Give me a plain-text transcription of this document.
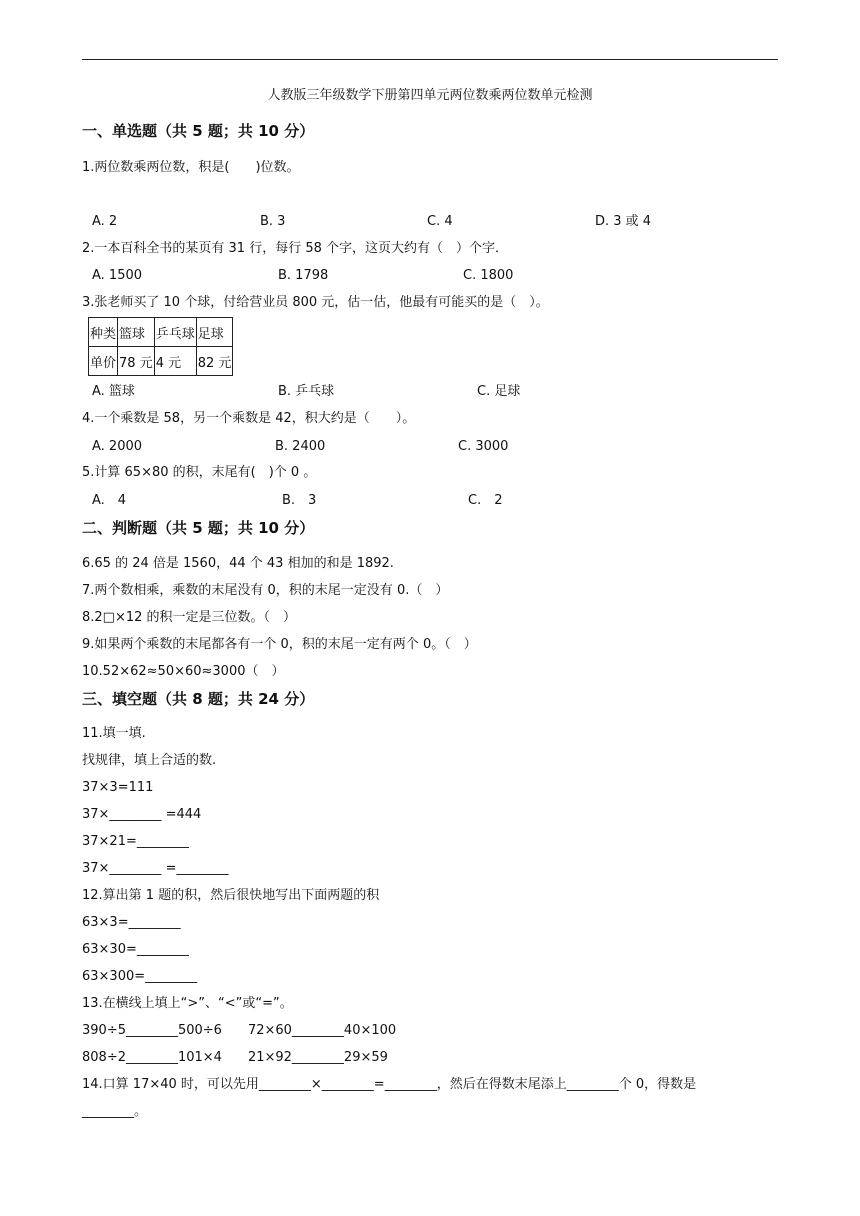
人教版三年级数学下册第四单元两位数乘两位数单元检测
一、单选题（共 5 题；共 10 分）
1.两位数乘两位数，积是(　　)位数。
A. 2	B. 3	C. 4	D. 3 或 4
2.一本百科全书的某页有 31 行，每行 58 个字，这页大约有（　）个字．
A. 1500	B. 1798	C. 1800
3.张老师买了 10 个球，付给营业员 800 元，估一估，他最有可能买的是（　）。
种类	篮球	乒乓球	足球
单价	78 元	4 元	82 元
A. 篮球	B. 乒乓球	C. 足球
4.一个乘数是 58，另一个乘数是 42，积大约是（　　）。
A. 2000	B. 2400	C. 3000
5.计算 65×80 的积，末尾有(　)个 0 。
A.　4	B.　3	C.　2
二、判断题（共 5 题；共 10 分）
6.65 的 24 倍是 1560，44 个 43 相加的和是 1892.
7.两个数相乘，乘数的末尾没有 0，积的末尾一定没有 0.（　）
8.2□×12 的积一定是三位数。（　）
9.如果两个乘数的末尾都各有一个 0，积的末尾一定有两个 0。（　）
10.52×62≈50×60≈3000（　）
三、填空题（共 8 题；共 24 分）
11.填一填.
找规律，填上合适的数.
37×3=111
37×________ =444
37×21=________
37×________ =________
12.算出第 1 题的积，然后很快地写出下面两题的积
63×3=________
63×30=________
63×300=________
13.在横线上填上“>”、“<”或“=”。
390÷5________500÷6　　72×60________40×100
808÷2________101×4　　21×92________29×59
14.口算 17×40 时，可以先用________×________=________，然后在得数末尾添上________个 0，得数是
________。
